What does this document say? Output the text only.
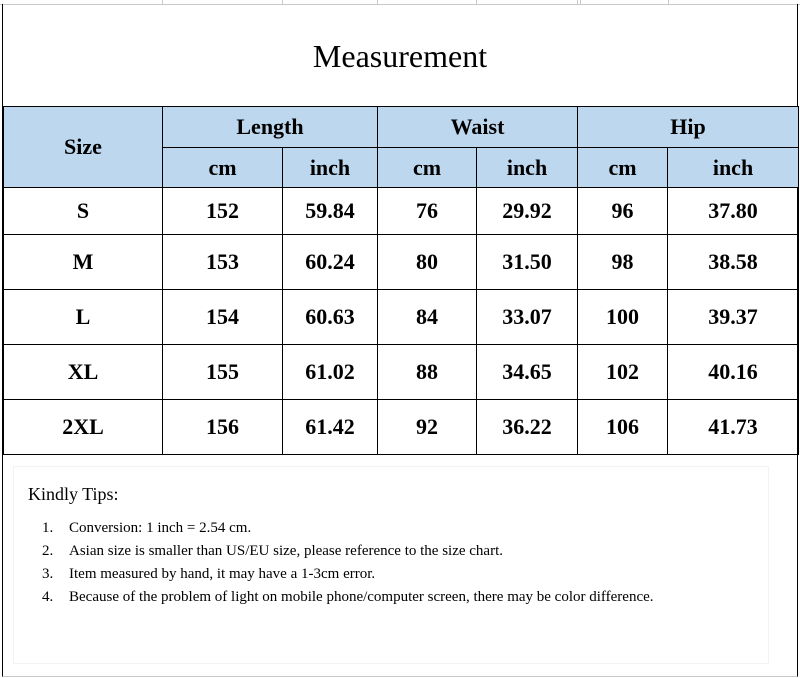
Measurement
Size	Length		Waist		Hip	
	cm	inch	cm	inch	cm	inch
S	152	59.84	76	29.92	96	37.80
M	153	60.24	80	31.50	98	38.58
L	154	60.63	84	33.07	100	39.37
XL	155	61.02	88	34.65	102	40.16
2XL	156	61.42	92	36.22	106	41.73
Kindly Tips:
1. Conversion: 1 inch = 2.54 cm.
2. Asian size is smaller than US/EU size, please reference to the size chart.
3. Item measured by hand, it may have a 1-3cm error.
4. Because of the problem of light on mobile phone/computer screen, there may be color difference.
